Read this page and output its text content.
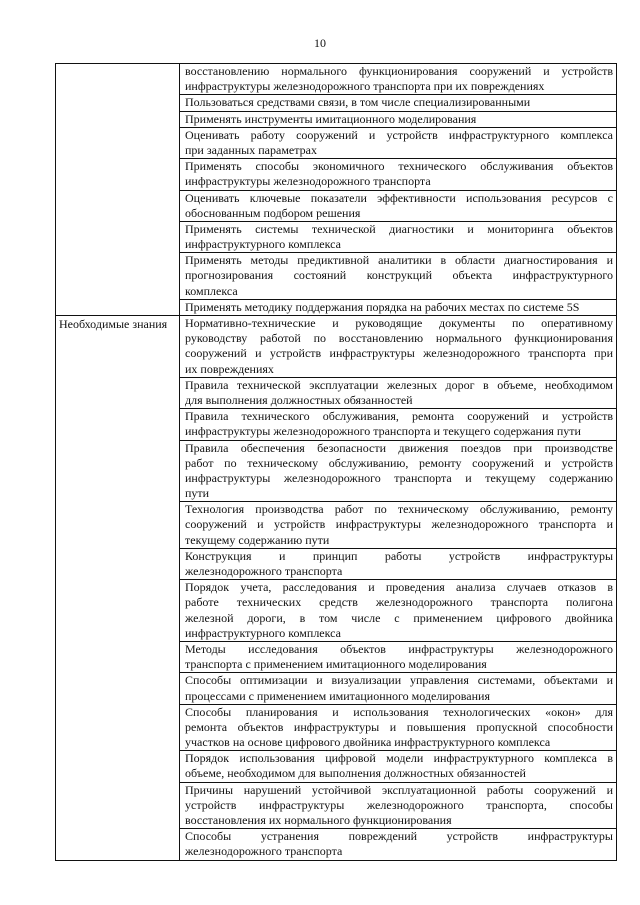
10

	восстановлению нормального функционирования сооружений и устройств
инфраструктуры железнодорожного транспорта при их повреждениях

	Пользоваться средствами связи, в том числе специализированными

	Применять инструменты имитационного моделирования

	Оценивать работу сооружений и устройств инфраструктурного комплекса
при заданных параметрах

	Применять способы экономичного технического обслуживания объектов
инфраструктуры железнодорожного транспорта

	Оценивать ключевые показатели эффективности использования ресурсов с
обоснованным подбором решения

	Применять системы технической диагностики и мониторинга объектов
инфраструктурного комплекса

	Применять методы предиктивной аналитики в области диагностирования и
прогнозирования состояний конструкций объекта инфраструктурного
комплекса

	Применять методику поддержания порядка на рабочих местах по системе 5S

Необходимые знания	Нормативно-технические и руководящие документы по оперативному
руководству работой по восстановлению нормального функционирования
сооружений и устройств инфраструктуры железнодорожного транспорта при
их повреждениях

	Правила технической эксплуатации железных дорог в объеме, необходимом
для выполнения должностных обязанностей

	Правила технического обслуживания, ремонта сооружений и устройств
инфраструктуры железнодорожного транспорта и текущего содержания пути

	Правила обеспечения безопасности движения поездов при производстве
работ по техническому обслуживанию, ремонту сооружений и устройств
инфраструктуры железнодорожного транспорта и текущему содержанию
пути

	Технология производства работ по техническому обслуживанию, ремонту
сооружений и устройств инфраструктуры железнодорожного транспорта и
текущему содержанию пути

	Конструкция и принцип работы устройств инфраструктуры
железнодорожного транспорта

	Порядок учета, расследования и проведения анализа случаев отказов в
работе технических средств железнодорожного транспорта полигона
железной дороги, в том числе с применением цифрового двойника
инфраструктурного комплекса

	Методы исследования объектов инфраструктуры железнодорожного
транспорта с применением имитационного моделирования

	Способы оптимизации и визуализации управления системами, объектами и
процессами с применением имитационного моделирования

	Способы планирования и использования технологических «окон» для
ремонта объектов инфраструктуры и повышения пропускной способности
участков на основе цифрового двойника инфраструктурного комплекса

	Порядок использования цифровой модели инфраструктурного комплекса в
объеме, необходимом для выполнения должностных обязанностей

	Причины нарушений устойчивой эксплуатационной работы сооружений и
устройств инфраструктуры железнодорожного транспорта, способы
восстановления их нормального функционирования

	Способы устранения повреждений устройств инфраструктуры
железнодорожного транспорта
